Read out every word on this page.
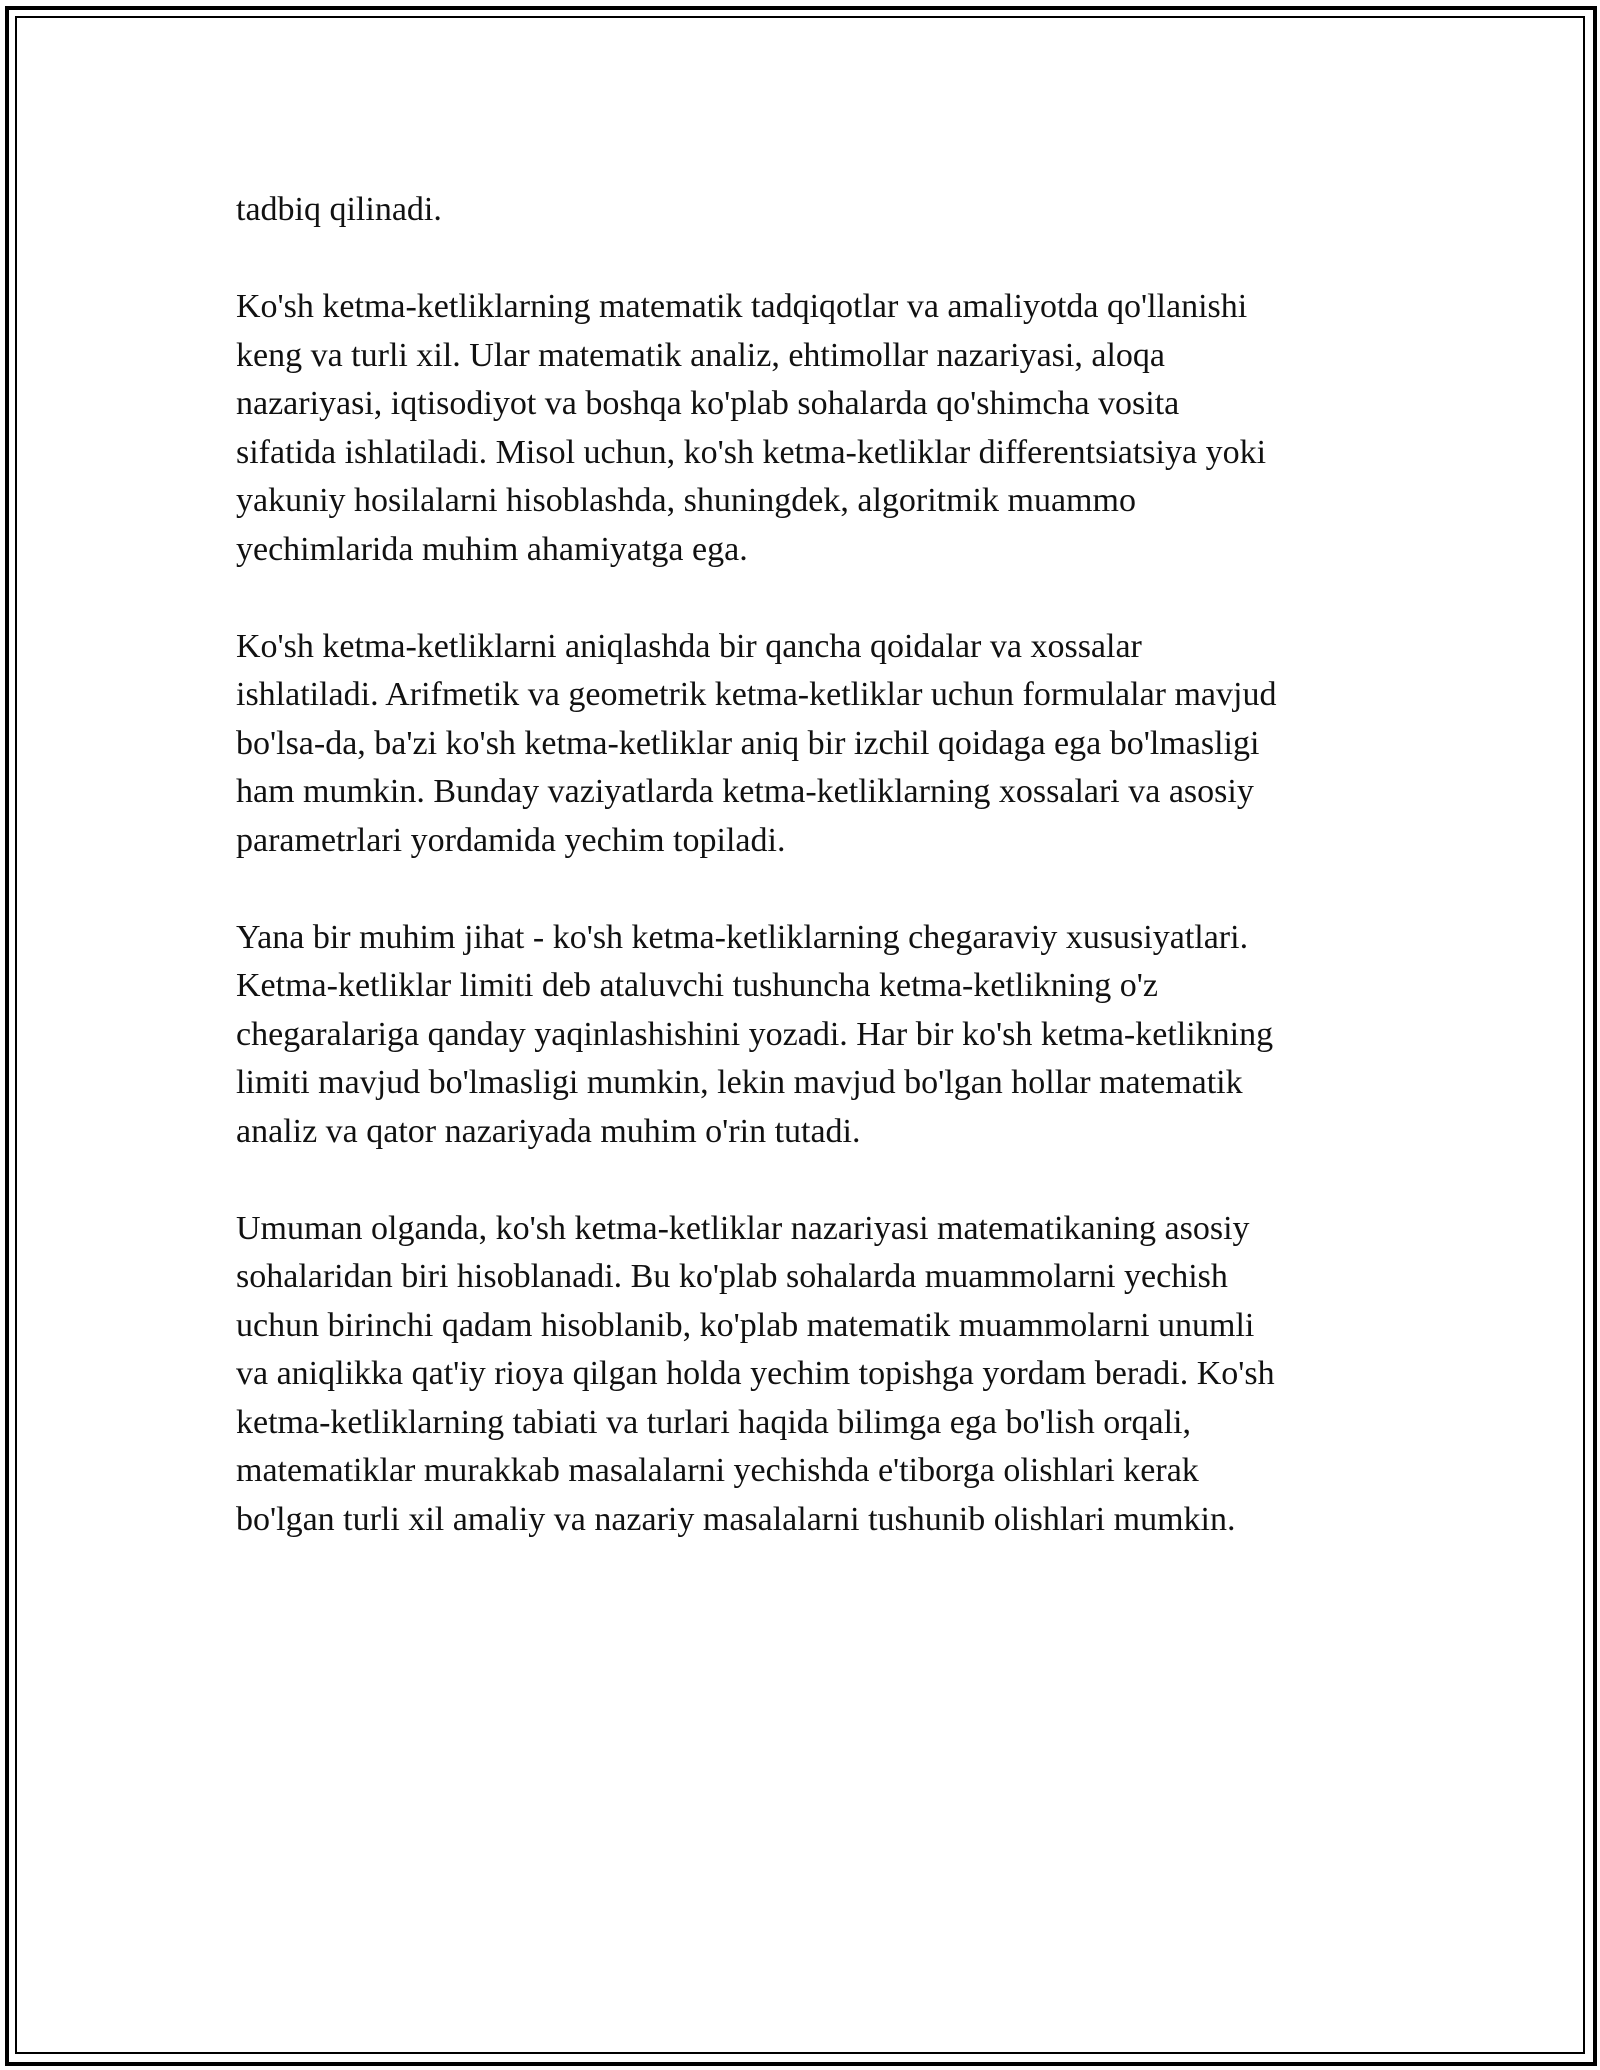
tadbiq qilinadi.

Ko'sh ketma-ketliklarning matematik tadqiqotlar va amaliyotda qo'llanishi
keng va turli xil. Ular matematik analiz, ehtimollar nazariyasi, aloqa
nazariyasi, iqtisodiyot va boshqa ko'plab sohalarda qo'shimcha vosita
sifatida ishlatiladi. Misol uchun, ko'sh ketma-ketliklar differentsiatsiya yoki
yakuniy hosilalarni hisoblashda, shuningdek, algoritmik muammo
yechimlarida muhim ahamiyatga ega.

Ko'sh ketma-ketliklarni aniqlashda bir qancha qoidalar va xossalar
ishlatiladi. Arifmetik va geometrik ketma-ketliklar uchun formulalar mavjud
bo'lsa-da, ba'zi ko'sh ketma-ketliklar aniq bir izchil qoidaga ega bo'lmasligi
ham mumkin. Bunday vaziyatlarda ketma-ketliklarning xossalari va asosiy
parametrlari yordamida yechim topiladi.

Yana bir muhim jihat - ko'sh ketma-ketliklarning chegaraviy xususiyatlari.
Ketma-ketliklar limiti deb ataluvchi tushuncha ketma-ketlikning o'z
chegaralariga qanday yaqinlashishini yozadi. Har bir ko'sh ketma-ketlikning
limiti mavjud bo'lmasligi mumkin, lekin mavjud bo'lgan hollar matematik
analiz va qator nazariyada muhim o'rin tutadi.

Umuman olganda, ko'sh ketma-ketliklar nazariyasi matematikaning asosiy
sohalaridan biri hisoblanadi. Bu ko'plab sohalarda muammolarni yechish
uchun birinchi qadam hisoblanib, ko'plab matematik muammolarni unumli
va aniqlikka qat'iy rioya qilgan holda yechim topishga yordam beradi. Ko'sh
ketma-ketliklarning tabiati va turlari haqida bilimga ega bo'lish orqali,
matematiklar murakkab masalalarni yechishda e'tiborga olishlari kerak
bo'lgan turli xil amaliy va nazariy masalalarni tushunib olishlari mumkin.
